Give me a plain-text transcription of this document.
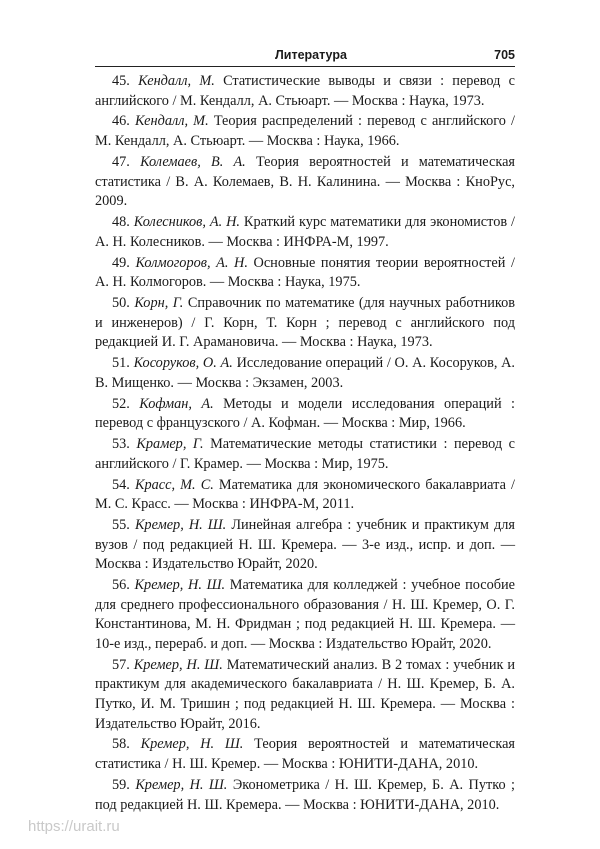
Литература	705

45. Кендалл, М. Статистические выводы и связи : перевод с английского / М. Кендалл, А. Стьюарт. — Москва : Наука, 1973.

46. Кендалл, М. Теория распределений : перевод с английского / М. Кендалл, А. Стьюарт. — Москва : Наука, 1966.

47. Колемаев, В. А. Теория вероятностей и математическая статистика / В. А. Колемаев, В. Н. Калинина. — Москва : КноРус, 2009.

48. Колесников, А. Н. Краткий курс математики для экономистов / А. Н. Колесников. — Москва : ИНФРА-М, 1997.

49. Колмогоров, А. Н. Основные понятия теории вероятностей / А. Н. Колмогоров. — Москва : Наука, 1975.

50. Корн, Г. Справочник по математике (для научных работников и инженеров) / Г. Корн, Т. Корн ; перевод с английского под редакцией И. Г. Арамановича. — Москва : Наука, 1973.

51. Косоруков, О. А. Исследование операций / О. А. Косоруков, А. В. Мищенко. — Москва : Экзамен, 2003.

52. Кофман, А. Методы и модели исследования операций : перевод с французского / А. Кофман. — Москва : Мир, 1966.

53. Крамер, Г. Математические методы статистики : перевод с английского / Г. Крамер. — Москва : Мир, 1975.

54. Красс, М. С. Математика для экономического бакалавриата / М. С. Красс. — Москва : ИНФРА-М, 2011.

55. Кремер, Н. Ш. Линейная алгебра : учебник и практикум для вузов / под редакцией Н. Ш. Кремера. — 3-е изд., испр. и доп. — Москва : Издательство Юрайт, 2020.

56. Кремер, Н. Ш. Математика для колледжей : учебное пособие для среднего профессионального образования / Н. Ш. Кремер, О. Г. Константинова, М. Н. Фридман ; под редакцией Н. Ш. Кремера. — 10-е изд., перераб. и доп. — Москва : Издательство Юрайт, 2020.

57. Кремер, Н. Ш. Математический анализ. В 2 томах : учебник и практикум для академического бакалавриата / Н. Ш. Кремер, Б. А. Путко, И. М. Тришин ; под редакцией Н. Ш. Кремера. — Москва : Издательство Юрайт, 2016.

58. Кремер, Н. Ш. Теория вероятностей и математическая статистика / Н. Ш. Кремер. — Москва : ЮНИТИ-ДАНА, 2010.

59. Кремер, Н. Ш. Эконометрика / Н. Ш. Кремер, Б. А. Путко ; под редакцией Н. Ш. Кремера. — Москва : ЮНИТИ-ДАНА, 2010.

https://urait.ru
